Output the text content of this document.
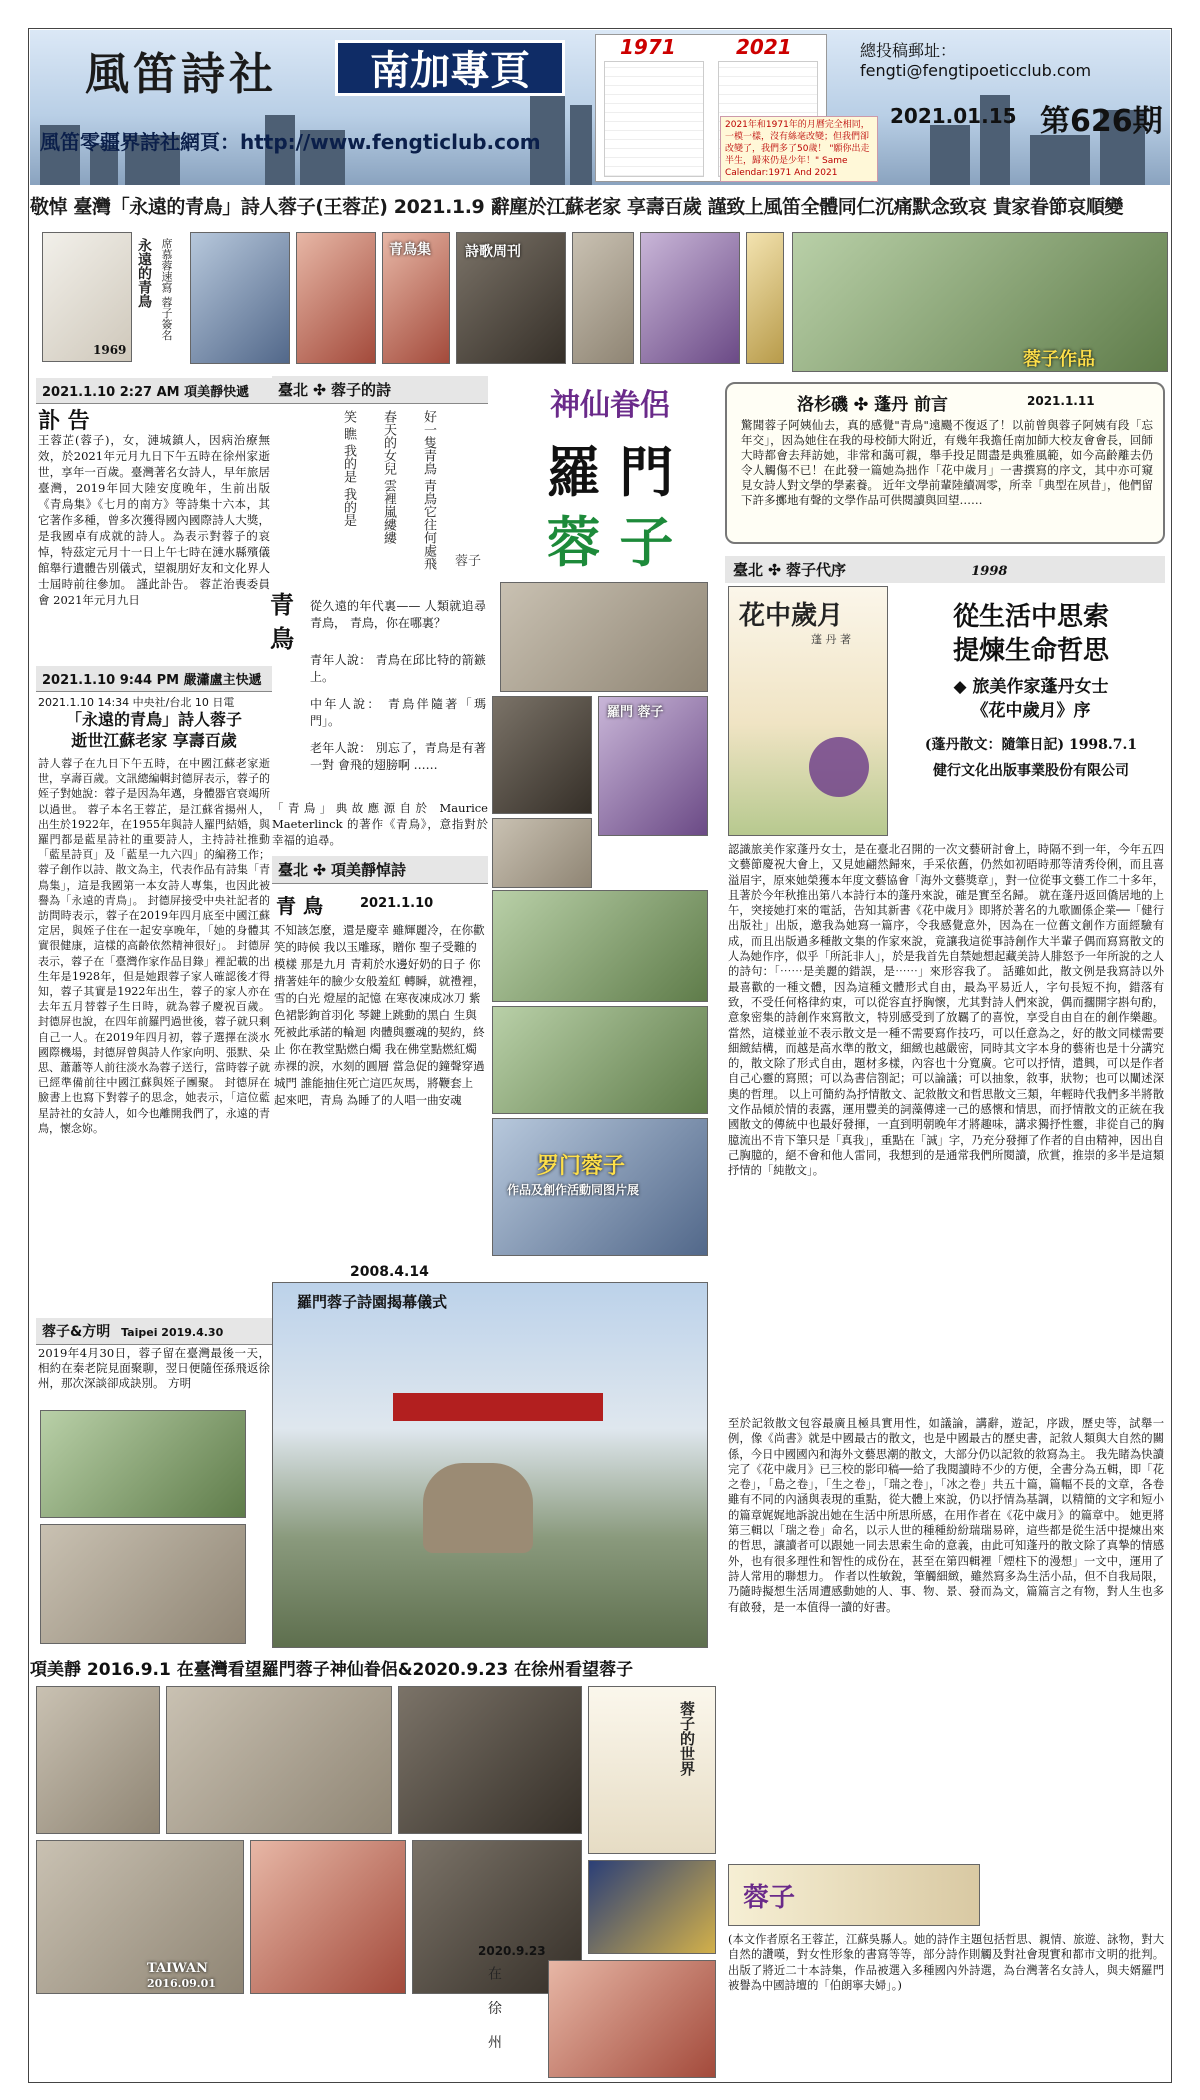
風笛詩社	南加專頁
風笛零疆界詩社網頁：http://www.fengticlub.com
1971	2021
2021年和1971年的月曆完全相同，一模一樣，沒有絲毫改變；但我們卻改變了，我們多了50歲！ "願你出走半生，歸來仍是少年！" Same Calendar:1971 And 2021
總投稿郵址：fengti@fengtipoeticclub.com
2021.01.15 第626期
敬悼 臺灣「永遠的青鳥」詩人蓉子(王蓉芷) 2021.1.9 辭塵於江蘇老家 享壽百歲 謹致上風笛全體同仁沉痛默念致哀 貴家眷節哀順變
1969
永遠的青鳥 席慕蓉速寫 蓉子簽名	青鳥集 詩歌周刊
蓉子作品
2021.1.10 2:27 AM 項美靜快遞
訃 告
王蓉芷(蓉子)，女，漣城鎮人，因病治療無效，於2021年元月九日下午五時在徐州家逝世，享年一百歲。臺灣著名女詩人，早年旅居臺灣，2019年回大陸安度晚年，生前出版《青鳥集》《七月的南方》等詩集十六本，其它著作多種，曾多次獲得國內國際詩人大獎，是我國卓有成就的詩人。為表示對蓉子的哀悼，特茲定元月十一日上午七時在漣水縣殯儀館舉行遺體告別儀式，望親朋好友和文化界人士屆時前往參加。 謹此訃告。 蓉芷治喪委員會 2021年元月九日
2021.1.10 9:44 PM 嚴瀟盧主快遞
2021.1.10 14:34 中央社/台北 10 日電
「永遠的青鳥」詩人蓉子
逝世江蘇老家 享壽百歲
詩人蓉子在九日下午五時，在中國江蘇老家逝世，享壽百歲。文訊總編輯封德屏表示，蓉子的姪子對她說：蓉子是因為年邁，身體器官衰竭所以過世。 蓉子本名王蓉芷，是江蘇省揚州人，出生於1922年，在1955年與詩人羅門結婚，與羅門都是藍星詩社的重要詩人，主持詩社推動「藍星詩頁」及「藍星一九六四」的編務工作；蓉子創作以詩、散文為主，代表作品有詩集「青鳥集」，這是我國第一本女詩人專集，也因此被譽為「永遠的青鳥」。 封德屏接受中央社記者的訪問時表示，蓉子在2019年四月底至中國江蘇定居，與姪子住在一起安享晚年，「她的身體其實很健康，這樣的高齡依然精神很好」。 封德屏表示，蓉子在「臺灣作家作品目錄」裡記載的出生年是1928年，但是她跟蓉子家人確認後才得知，蓉子其實是1922年出生，蓉子的家人亦在去年五月替蓉子生日時，就為蓉子慶祝百歲。 封德屏也說，在四年前羅門過世後，蓉子就只剩自己一人。在2019年四月初，蓉子選擇在淡水國際機場，封德屏曾與詩人作家向明、張默、朵思、蕭蕭等人前往淡水為蓉子送行，當時蓉子就已經準備前往中國江蘇與姪子團聚。 封德屏在臉書上也寫下對蓉子的思念，她表示，「這位藍星詩社的女詩人，如今也離開我們了，永遠的青鳥，懷念妳。
蓉子&方明 Taipei 2019.4.30
2019年4月30日，蓉子留在臺灣最後一天，相約在秦老院見面聚聊，翌日便隨侄孫飛返徐州，那次深談卻成訣別。 方明
臺北 ✣ 蓉子的詩
好一隻青鳥 青鳥它往何處飛
春天的女兒 雲裡嵐縷縷
笑 瞧 我的是 我的是
蓉子
青 鳥
從久遠的年代裏—— 人類就追尋青鳥， 青鳥，你在哪裏？
青年人說： 青鳥在邱比特的箭鏃上。
中年人說： 青鳥伴隨著「瑪門」。
老年人說： 別忘了，青鳥是有著一對 會飛的翅膀啊 ……
「青鳥」典故應源自於 Maurice Maeterlinck 的著作《青鳥》，意指對於幸福的追尋。
臺北 ✣ 項美靜悼詩
青 鳥	2021.1.10
不知該怎麼，還是慶幸 雖輝麗冷，在你歡笑的時候 我以玉雕琢，贈你 聖子受難的模樣 那是九月 青莉於水邊好奶的日子 你揹著娃年的臉少女般羞紅 轉瞬，就禮裡，雪的白光 燈屋的記憶 在寒夜凍成冰刀 紫色裙影鉤首羽化 琴鍵上跳動的黑白 生與死被此承諾的輪迴 肉體與靈魂的契約，終止 你在教堂點燃白燭 我在佛堂點燃紅燭 赤裸的淚，水刻的圓層 當急促的鐘聲穿過城門 誰能抽住死亡這匹灰馬，將鞭套上 起來吧，青鳥 為睡了的人唱一曲安魂
神仙眷侶
羅 門
蓉 子
羅門 蓉子
罗门蓉子
作品及創作活動同图片展
2008.4.14
羅門蓉子詩園揭幕儀式
洛杉磯 ✣ 蓬丹 前言	2021.1.11
驚聞蓉子阿姨仙去，真的感覺"青鳥"遠颺不復返了！以前曾與蓉子阿姨有段「忘年交」，因為她住在我的母校師大附近，有幾年我擔任南加師大校友會會長，回師大時都會去拜訪她，非常和藹可親，舉手投足間盡是典雅風範，如今高齡離去仍令人觸傷不已！在此發一篇她為拙作「花中歲月」一書撰寫的序文，其中亦可窺見女詩人對文學的學素養。 近年文學前輩陸續凋零，所幸「典型在夙昔」，他們留下許多擲地有聲的文學作品可供閱讀與回望……
臺北 ✣ 蓉子代序	1998
花中歲月
蓬 丹 著
從生活中思索
提煉生命哲思
◆ 旅美作家蓬丹女士
《花中歲月》序
(蓬丹散文：隨筆日記) 1998.7.1
健行文化出版事業股份有限公司
認識旅美作家蓬丹女士，是在臺北召開的一次文藝研討會上，時隔不到一年，今年五四文藝節慶祝大會上，又見她翩然歸來，手采依舊，仍然如初晤時那等清秀伶俐，而且喜溢眉宇，原來她榮獲本年度文藝協會「海外文藝獎章」，對一位從事文藝工作二十多年，且著於今年秋推出第八本詩行本的蓬丹來說，確是實至名歸。 就在蓬丹返回僑居地的上午，突接她打來的電話，告知其新書《花中歲月》即將於著名的九歌圖係企業──「健行出版社」出版，邀我為她寫一篇序，令我感覺意外，因為在一位舊文創作方面經驗有成，而且出版過多種散文集的作家來說，竟讓我這從事詩創作大半輩子偶而寫寫散文的人為她作序，似乎「所託非人」，於是我首先自禁她想起藏美詩人腓怒予一年所說的之人的詩句：「⋯⋯是美麗的錯誤，是⋯⋯」來形容我了。 話雖如此，散文例是我寫詩以外最喜歡的一種文體，因為這種文體形式自由，最為平易近人，字句長短不拘，錯落有致，不受任何格律約束，可以從容直抒胸懷，尤其對詩人們來說，偶而擱開字斟句酌，意象密集的詩創作來寫散文，特別感受到了放羈了的喜悅，享受自由自在的創作樂趣。當然，這樣並並不表示散文是一種不需要寫作技巧，可以任意為之，好的散文同樣需要細緻結構，而越是高水準的散文，細緻也越嚴密，同時其文字本身的藝術也是十分講究的，散文除了形式自由，題材多樣，內容也十分寬廣。它可以抒情，遣興，可以是作者自己心靈的寫照；可以為書信劄記；可以論議；可以抽象，敘事，狀物；也可以闡述深奧的哲理。 以上可簡約為抒情散文、記敘散文和哲思散文三類，年輕時代我們多半將散文作品傾於情的表露，運用豐美的詞藻傳達一己的感懷和情思，而抒情散文的正統在我國散文的傳統中也最好發揮，一直到明朝晚年才將趣味，講求獨抒性靈，非從自己的胸臆流出不肯下筆只是「真我」，重點在「誠」字，乃充分發揮了作者的自由精神，因出自己胸臆的，絕不會和他人雷同，我想到的是通常我們所閱讀，欣賞，推崇的多半是這類抒情的「純散文」。
至於記敘散文包容最廣且極具實用性，如議論，講辭，遊記，序跋，歷史等，試舉一例，像《尚書》就是中國最古的散文，也是中國最古的歷史書，記敘人類與大自然的關係，今日中國國內和海外文藝思潮的散文，大部分仍以記敘的敘寫為主。 我先睹為快讀完了《花中歲月》已三校的影印稿──給了我閱讀時不少的方便，全書分為五輯，即「花之卷」，「島之卷」，「生之卷」，「瑞之卷」，「冰之卷」共五十篇，篇幅不長的文章，各卷雖有不同的內涵與表現的重點，從大體上來說，仍以抒情為基調，以精簡的文字和短小的篇章娓娓地訴說出她在生活中所思所感，在用作者在《花中歲月》的篇章中。 她更將第三輯以「瑞之卷」命名，以示人世的種種紛紛瑞瑞易碎，這些都是從生活中提煉出來的哲思，讓讀者可以跟她一同去思索生命的意義，由此可知蓬丹的散文除了真摯的情感外，也有很多理性和智性的成份在，甚至在第四輯裡「煙柱下的漫想」一文中，運用了詩人常用的聯想力。 作者以性敏銳，筆觸細緻，雖然寫多為生活小品，但不自我局限，乃隨時擬想生活周遭感動她的人、事、物、景、發而為文，篇篇言之有物，對人生也多有啟發，是一本值得一讀的好書。
蓉子
(本文作者原名王蓉芷，江蘇吳縣人。她的詩作主題包括哲思、親情、旅遊、詠物，對大自然的讚嘆，對女性形象的書寫等等，部分詩作則觸及對社會現實和都市文明的批判。出版了將近二十本詩集，作品被選入多種國內外詩選，為台灣著名女詩人，與夫婿羅門被譽為中國詩壇的「伯朗寧夫婦」。)
項美靜 2016.9.1 在臺灣看望羅門蓉子神仙眷侶&2020.9.23 在徐州看望蓉子
蓉子的世界
TAIWAN
2016.09.01
2020.9.23
在 徐 州
